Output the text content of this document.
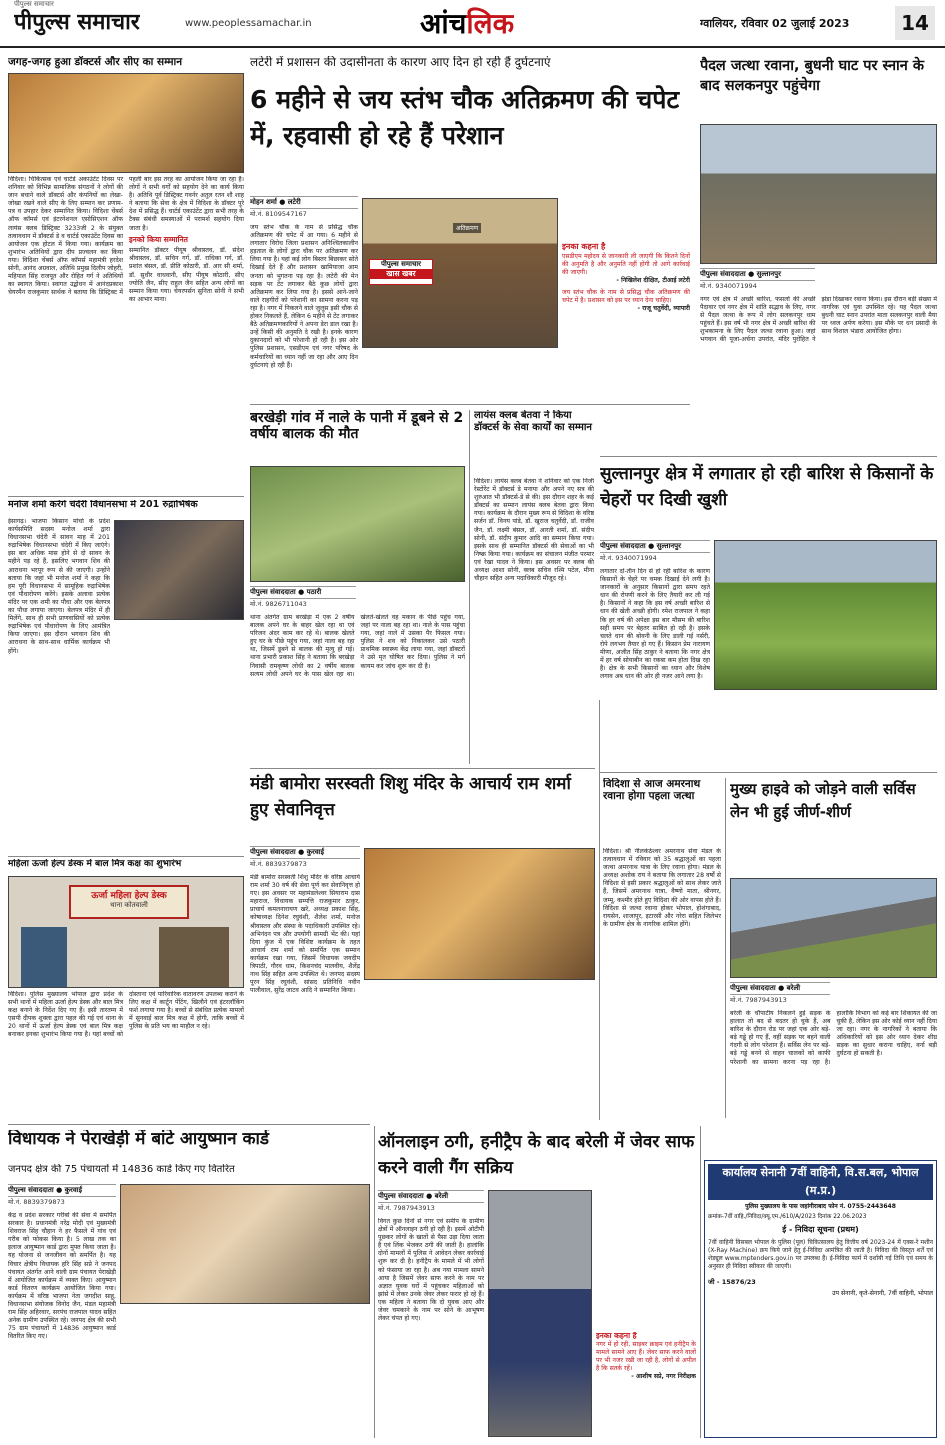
पीपुल्स समाचार
पीपुल्स समाचार	www.peoplessamachar.in	आंचलिक	ग्वालियर, रविवार 02 जुलाई 2023	14
जगह-जगह हुआ डॉक्टर्स और सीए का सम्मान
विदिशा। चिकित्सक एवं चार्टर्ड अकाउंटेंट दिवस पर शनिवार को विभिन्न सामाजिक संगठनों ने लोगों की जान बचाने वाले डॉक्टर्स और कंपनियों का लेखा-जोखा रखने वाले सीए के लिए सम्मान कर प्रणाम-पत्र व उपहार देकर सम्मानित किया। विदिशा चेंबर्स ऑफ कॉमर्स एवं इंटरनेशनल एसोसिएशन ऑफ लायंस क्लब डिस्ट्रिक्ट 3233जी 2 के संयुक्त तत्वावधान में डॉक्टर्स डे व चार्टर्ड एकाउंटेंट दिवस का आयोजन एक होटल में किया गया। कार्यक्रम का शुभारंभ अतिथियों द्वारा दीप प्रज्वलन कर किया गया। विदिशा चेंबर्स ऑफ कॉमर्स महामंत्री हरदेश सोनी, आनंद अग्रवाल, अतिथि प्रमुख दिलीप जोहरी, महिपाल सिंह राजपूत और रोहित गर्ग ने अतिथियों का स्वागत किया। स्वागत उद्बोधन में आनंदप्रकाश चेयरमैन राजकुमार सार्थक ने बताया कि डिस्ट्रिक्ट में पहली बार इस तरह का आयोजन किया जा रहा है। लोगों ने सभी वर्गों को सहयोग देने का कार्य किया है। अतिथि पूर्व डिस्ट्रिक्ट गवर्नर अतुल रतन शौ शाह ने बताया कि सेवा के क्षेत्र में विदिशा के डॉक्टर पूरे देश में प्रसिद्ध हैं। चार्टर्ड एकाउंटेंट द्वारा सभी तरह के टैक्स संबंधी समस्याओं में परामर्श सहयोग दिया जाता है।
इनको किया सम्मानित
सम्मानित डॉक्टर पीयूष श्रीवास्तव, डॉ. संदेश श्रीवास्तव, डॉ. सचिन गर्ग, डॉ. राधिका गर्ग, डॉ. प्रशांत बंसल, डॉ. प्रीति कोठारी, डॉ. आर सी शर्मा, डॉ. सुधीर वाधवानी, सीए पीयूष कोठारी, सीए ज्योति जैन, सीए राहुल जैन सहित अन्य लोगों का सम्मान किया गया। चेयरपर्सन सुनिता सोनी ने सभी का आभार माना।
मनोज शर्मा करेंगे चंदेरी विधानसभा में 201 रुद्राभिषेक
ईसागढ़। भाजपा किसान मोर्चा के प्रदेश कार्यसमिति सदस्य मनोज शर्मा द्वारा विधानसभा चंदेरी में सावन माह में 201 रुद्राभिषेक विधानसभा चंदेरी में किए जाएंगे। इस बार अधिक मास होने से दो सावन के महीने पड़ रहे हैं, इसलिए भगवान शिव की आराधना भरपूर रूप से की जाएगी। उन्होंने बताया कि जहां भी मनोज शर्मा ने कहा कि हम पूरी विधानसभा में सामूहिक रुद्राभिषेक एवं पौधारोपण करेंगे। इसके अलावा प्रत्येक मंदिर पर एक शमी का पौधा और एक बेलपत्र का पौधा लगाया जाएगा। बेलपत्र मंदिर में ही मिलेंगे, साथ ही सभी प्राणवासियों को प्रत्येक रुद्राभिषेक एवं पौधारोपण के लिए आमंत्रित किया जाएगा। इस दौरान भगवान शिव की आराधना के साथ-साथ धार्मिक कार्यक्रम भी होंगे।
महिला ऊर्जा हेल्प डेस्क में बाल मित्र कक्ष का शुभारंभ
ऊर्जा महिला हेल्प डेस्क
थाना कोतवाली
विदिशा। पुलिस मुख्यालय भोपाल द्वारा प्रदेश के सभी थानों में महिला ऊर्जा हेल्प डेस्क और बाल मित्र कक्ष बनाने के निर्देश दिए गए हैं। इसी तारतम्य में एसपी दीपक शुक्ला द्वारा पहल की गई एवं थाना के 20 थानों में ऊर्जा हेल्प डेस्क एवं बाल मित्र कक्ष बनाकर इनका शुभारंभ किया गया है। यहां बच्चों को दोस्ताना एवं पारिवारिक वातावरण उपलब्ध कराने के लिए कक्ष में कार्टून पेंटिंग, खिलौने एवं इंटरलॉकिंग फर्श लगाया गया है। बच्चों से संबंधित प्रत्येक मामलों में सुनवाई बाल मित्र कक्ष में होगी, ताकि बच्चों में पुलिस के प्रति भय का माहौल न रहे।
लटेरी में प्रशासन की उदासीनता के कारण आए दिन हो रही हैं दुर्घटनाएं
6 महीने से जय स्तंभ चौक अतिक्रमण की चपेट में, रहवासी हो रहे हैं परेशान
मोहन शर्मा ● लटेरी
मो.नं. 8109547167
जय स्तंभ चौक के नाम से प्रसिद्ध चौक अतिक्रमण की चपेट में आ गया। 6 महीने से लगातार विरोध जिला प्रशासन अनिश्चितकालीन हड़ताल के लोगों द्वारा चौक पर अतिक्रमण कर लिया गया है। यहां कई लोग बिस्तर बिछाकर सोते दिखाई देते हैं और प्रशासन खामियाजा आम जनता को भुगतना पड़ रहा है। लटेरी की मेन सड़क पर टेंट लगाकर बैठे कुछ लोगों द्वारा अतिक्रमण कर लिया गया है। इससे आने-जाने वाले राहगीरों को परेशानी का सामना करना पड़ रहा है। नगर में निकलने वाले जुलूस इसी चौक से होकर निकलते हैं, लेकिन 6 महीने से टेंट लगाकर बैठे अतिक्रमणकारियों ने अपना डेरा डाल रखा है। उन्हें किसी की अनुमति दे रखी है। इनके कारण दुकानदारों को भी परेशानी हो रही है। इस ओर पुलिस प्रशासन, एसडीएम एवं नगर परिषद के कर्मचारियों का ध्यान नहीं जा रहा और आए दिन दुर्घटनाएं हो रही हैं।
पीपुल्स समाचार
खास खबर
अतिक्रमण
इनका कहना है
एसडीएम महोदय से जानकारी ली जाएगी कि कितने दिनों की अनुमति है और अनुमति नहीं होगी तो आगे कार्रवाई की जाएगी।
- निखिलेश दीक्षित, टीआई लटेरी
जय स्तंभ चौक के नाम से प्रसिद्ध चौक अतिक्रमण की चपेट में है। प्रशासन को इस पर ध्यान देना चाहिए।
- राजू चतुर्वेदी, व्यापारी
बरखेड़ी गांव में नाले के पानी में डूबने से 2 वर्षीय बालक की मौत
पीपुल्स संवाददाता ● पठारी
मो.नं. 9826711043
थाना अंतर्गत ग्राम बरखेड़ा में एक 2 वर्षीय बालक अपने घर के बाहर खेल रहा था एवं परिजन अंदर काम कर रहे थे। बालक खेलते हुए घर के पीछे पहुंच गया, जहां नाला बह रहा था, जिसमें डूबने से बालक की मृत्यु हो गई। थाना प्रभारी प्रकाश सिंह ने बताया कि बरखेड़ा निवासी रामकृष्ण लोधी का 2 वर्षीय बालक सत्यम लोधी अपने घर के पास खेल रहा था। खेलते-खेलते वह मकान के पीछे पहुंच गया, जहां पर नाला बह रहा था। नाले के पास पहुंचा गया, जहां नाले में उसका पैर फिसल गया। पुलिस ने शव को निकालकर उसे पठारी प्राथमिक स्वास्थ्य केंद्र लाया गया, जहां डॉक्टरों ने उसे मृत घोषित कर दिया। पुलिस ने मर्ग कायम कर जांच शुरू कर दी है।
लायंस क्लब बेतवा ने किया डॉक्टर्स के सेवा कार्यों का सम्मान
विदिशा। लायंस क्लब बेतवा ने शनिवार को एक निजी रेस्टोरेंट में डॉक्टर्स डे मनाया और अपने नए सत्र की शुरुआत भी डॉक्टर्स-डे से की। इस दौरान शहर के कई डॉक्टर्स का सम्मान लायंस क्लब बेतवा द्वारा किया गया। कार्यक्रम के दौरान मुख्य रूप से विदिशा के वरिष्ठ सर्जन डॉ. विनय पांडे, डॉ. खुराज चतुर्वेदी, डॉ. राजीव जैन, डॉ. लक्ष्मी बंसल, डॉ. आरती शर्मा, डॉ. संदीप सोनी, डॉ. संदीप कुमार आदि का सम्मान किया गया। इसके साथ ही सम्मानित डॉक्टर्स की सेवाओं का भी निष्क्र किया गया। कार्यक्रम का संचालन मंजीत परमार एवं रेखा यादव ने किया। इस अवसर पर क्लब की अध्यक्ष आशा सोनी, क्लब सचिव रश्मि पटेल, मीना चौहान सहित अन्य पदाधिकारी मौजूद रहे।
मंडी बामोरा सरस्वती शिशु मंदिर के आचार्य राम शर्मा हुए सेवानिवृत्त
पीपुल्स संवाददाता ● कुरवाई
मो.नं. 8839379873
मंडी बामोरा सरस्वती शिशु मंदिर के वरिष्ठ आचार्य राम शर्मा 30 वर्ष की सेवा पूर्ण कर सेवानिवृत्त हो गए। इस अवसर पर महामंडलेश्वर सियाराम दास महाराज, विधायक सम्पत्ति राजकुमार ठाकुर, प्राचार्य कमलनारायण खरे, अध्यक्ष प्रकाश सिंह, कोषाध्यक्ष दिनेश रघुवंशी, शैलेश शर्मा, मनोज श्रीवास्तव और संस्था के पदाधिकारी उपस्थित रहे। अभिनंदन पत्र और उपयोगी सामग्री भेंट की। यहां दिया कुंज में एक विशिष्ट कार्यक्रम के तहत आचार्य राम शर्मा को समर्पित एक सम्मान कार्यक्रम रखा गया, जिसमें विधायक जयदीप त्रिपाठी, गौरव धाम, किशनचंद मालवीय, शैलेंद्र नाथ सिंह सहित अन्य उपस्थित थे। जनपद सदस्य पूरन सिंह रघुवंशी, सांसद प्रतिनिधि नवीन पालीवाल, सुरेंद्र जाटव आदि ने सम्मानित किया।
पैदल जत्था रवाना, बुधनी घाट पर स्नान के बाद सलकनपुर पहुंचेगा
पीपुल्स संवाददाता ● सुल्तानपुर
मो.नं. 9340071994
नगर एवं क्षेत्र में अच्छी बारिश, फसलों की अच्छी पैदावार एवं नगर क्षेत्र में शांति सद्भाव के लिए, नगर से पैदल जत्था के रूप में लोग सलकनपुर धाम पहुंचते हैं। इस वर्ष भी नगर क्षेत्र में अच्छी बारिश की शुभकामना के लिए पैदल जत्था रवाना हुआ। जहां भगवान की पूजा-अर्चना उपरांत, मंदिर पुरोहित ने झंडा दिखाकर रवाना किया। इस दौरान बड़ी संख्या में नागरिक एवं युवा उपस्थित रहे। यह पैदल जत्था बुधनी घाट स्नान उपरांत माता सलकनपुर वाली मैया पर ध्वज अर्पण करेगा। इस मौके पर धन प्रसादी के साथ विशाल भंडारा आयोजित होगा।
सुल्तानपुर क्षेत्र में लगातार हो रही बारिश से किसानों के चेहरों पर दिखी खुशी
पीपुल्स संवाददाता ● सुल्तानपुर
मो.नं. 9340071994
लगातार दो-तीन दिन से हो रही बारिश के कारण किसानों के चेहरे पर चमक दिखाई देने लगी है। जानकारों के अनुसार किसानों द्वारा समय रहते धान की रोपणी करने के लिए तैयारी कर ली गई है। किसानों ने कहा कि इस वर्ष अच्छी बारिश से धान की खेती अच्छी होगी। रमेश राजपाल ने कहा कि हर वर्ष की अपेक्षा इस बार मौसम की बारिश सही समय पर बेहतर साबित हो रही है। इसके चलते धान की बोवनी के लिए डाली गई नर्सरी, रोपे लगभग तैयार हो गए हैं। किसान प्रेम नारायण मीणा, अजीत सिंह ठाकुर ने बताया कि नगर क्षेत्र में हर वर्ष सोयाबीन का रकबा कम होता दिख रहा है। क्षेत्र के सभी किसानों का ध्यान और विशेष लगाव अब धान की ओर ही नजर आने लगा है।
विदिशा से आज अमरनाथ रवाना होगा पहला जत्था
विदिशा। श्री नीलकंठेश्वर अमरनाथ सेवा मंडल के तत्वावधान में रविवार को 35 श्रद्धालुओं का पहला जत्था अमरनाथ यात्रा के लिए रवाना होगा। मंडल के अध्यक्ष अशोक राय ने बताया कि लगातार 28 वर्षों से विदिशा से इसी प्रकार श्रद्धालुओं को साथ लेकर जाते हैं, जिसमें अमरनाथ यात्रा, वैष्णो माता, श्रीनगर, जम्मू, कश्मीर होते हुए विदिशा की ओर वापस होते हैं। विदिशा से जत्था रवाना होकर भोपाल, होशंगाबाद, रायसेन, शाजापुर, इटारसी और नरेरा सहित जिलेभर के ग्रामीण क्षेत्र के नागरिक शामिल होंगे।
मुख्य हाइवे को जोड़ने वाली सर्विस लेन भी हुई जीर्ण-शीर्ण
पीपुल्स संवाददाता ● बरेली
मो.नं. 7987943913
बरेली के चौपाटीय निकलने हुई सड़क के हालात तो बद से बदतर हो चुके हैं, अब बारिश के दौरान रोड पर जहां एक ओर बड़े-बड़े गड्ढे हो गए हैं, वहीं सड़क पर बहने वाली गंदगी से लोग परेशान हैं। सर्विस लेन पर बड़े-बड़े गड्ढे बनने से वाहन चालकों को काफी परेशानी का सामना करना पड़ रहा है। हालांकि विभाग को कई बार शिकायत की जा चुकी है, लेकिन इस ओर कोई ध्यान नहीं दिया जा रहा। नगर के नागरिकों ने बताया कि अधिकारियों को इस ओर ध्यान देकर शीघ्र सड़क का सुधार कराना चाहिए, वर्ना बड़ी दुर्घटना हो सकती है।
विधायक ने पेराखेड़ी में बांटे आयुष्मान कार्ड
जनपद क्षेत्र की 75 पंचायतों में 14836 कार्ड किए गए वितरित
पीपुल्स संवाददाता ● कुरवाई
मो.नं. 8839379873
केंद्र व प्रदेश सरकार गरीबों की सेवा में समर्पित सरकार है। प्रधानमंत्री नरेंद्र मोदी एवं मुख्यमंत्री शिवराज सिंह चौहान ने हर फैसले में गांव एवं गरीब को फोकस किया है। 5 लाख तक का इलाज आयुष्मान कार्ड द्वारा मुफ्त किया जाता है। यह योजना से जनजीवन को समर्पित है। यह विचार क्षेत्रीय विधायक हरि सिंह सप्रे ने जनपद पंचायत अंतर्गत आने वाली ग्राम पंचायत पेराखेड़ी में आयोजित कार्यक्रम में व्यक्त किए। आयुष्मान कार्ड वितरण कार्यक्रम आयोजित किया गया। कार्यक्रम में वरिष्ठ भाजपा नेता जगदीश साहू, विधानसभा संयोजक विनोद जैन, मंडल महामंत्री राम सिंह अहिरवार, सरपंच राजपाल यादव सहित अनेक ग्रामीण उपस्थित रहे। जनपद क्षेत्र की सभी 75 ग्राम पंचायतों में 14836 आयुष्मान कार्ड वितरित किए गए।
ऑनलाइन ठगी, हनीट्रैप के बाद बरेली में जेवर साफ करने वाली गैंग सक्रिय
पीपुल्स संवाददाता ● बरेली
मो.नं. 7987943913
विगत कुछ दिनों से नगर एवं समीप के ग्रामीण क्षेत्रों में ऑनलाइन ठगी हो रही है। इसमें ओटीपी पूछकर लोगों के खातों से पैसा उड़ा दिया जाता है एवं लिंक भेजकर ठगी की जाती है। हालांकि दोनों मामलों में पुलिस ने आवेदन लेकर कार्रवाई शुरू कर दी है। हनीट्रैप के मामले में भी लोगों को फंसाया जा रहा है। अब नया मामला सामने आया है जिसमें जेवर साफ करने के नाम पर अज्ञात युवक घरों में पहुंचकर महिलाओं को झांसे में लेकर उनके जेवर लेकर फरार हो रहे हैं। एक महिला ने बताया कि दो युवक आए और जेवर चमकाने के नाम पर सोने के आभूषण लेकर चंपत हो गए।
इनका कहना है
नगर में हो रही, साइबर क्राइम एवं हनीट्रैप के मामले सामने आए हैं। जेवर साफ करने वालों पर भी नजर रखी जा रही है, लोगों से अपील है कि सतर्क रहें।
- आशीष सप्रे, नगर निरीक्षक
कार्यालय सेनानी 7वीं वाहिनी, वि.स.बल, भोपाल (म.प्र.)
पुलिस मुख्यालय के पास जहांगीराबाद फोन नं. 0755-2443648
क्रमांक-7वीं वाहि./निविदा/क्यू.एम./610/A/2023 दिनांक 22.06.2023
ई - निविदा सूचना (प्रथम)
7वीं वाहिनी विसबल भोपाल के पुलिस (पूल) चिकित्सालय हेतु वित्तीय वर्ष 2023-24 में एक्स-रे मशीन (X-Ray Machine) क्रय किये जाने हेतु ई-निविदा आमंत्रित की जाती है। निविदा की विस्तृत शर्तें एवं शेड्यूल www.mptenders.gov.in पर उपलब्ध हैं। ई-निविदा फार्म में दर्शायी गई तिथि एवं समय के अनुसार ही निविदा स्वीकार की जाएगी।
जी - 15876/23
उप सेनानी, कृते-सेनानी, 7वीं वाहिनी, भोपाल
